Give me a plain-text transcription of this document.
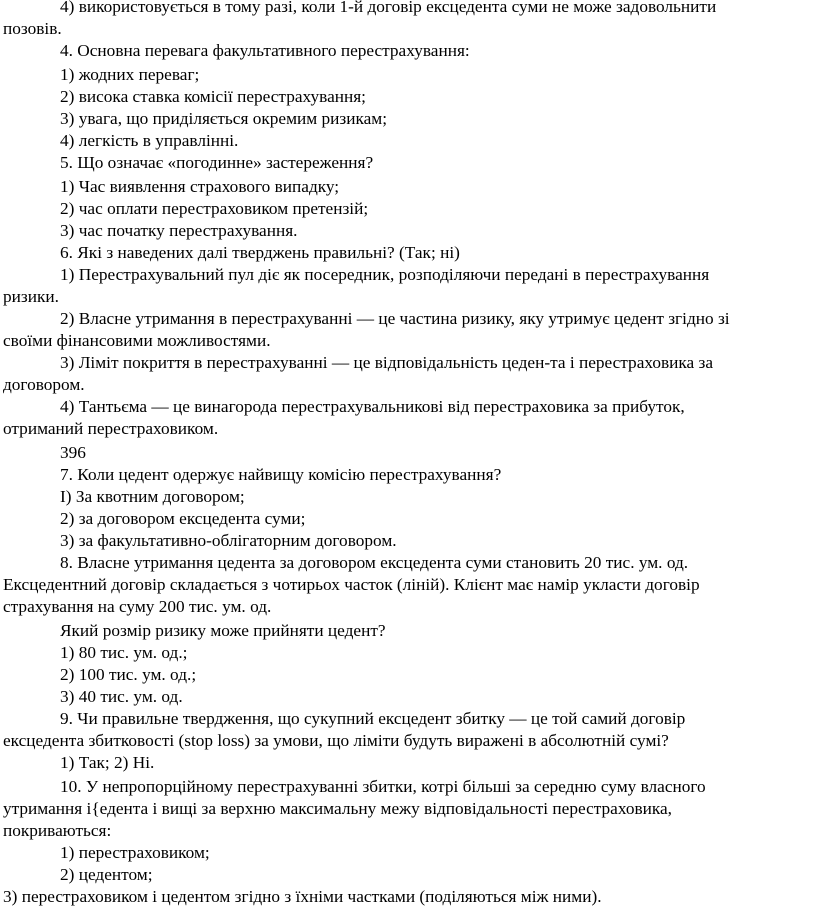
4) використовується в тому разі, коли 1-й договір ексцедента суми не може задовольнити
позовів.
4. Основна перевага факультативного перестрахування:
1) жодних переваг;
2) висока ставка комісії перестрахування;
3) увага, що приділяється окремим ризикам;
4) легкість в управлінні.
5. Що означає «погодинне» застереження?
1) Час виявлення страхового випадку;
2) час оплати перестраховиком претензій;
3) час початку перестрахування.
6. Які з наведених далі тверджень правильні? (Так; ні)
1) Перестрахувальний пул діє як посередник, розподіляючи передані в перестрахування
ризики.
2) Власне утримання в перестрахуванні — це частина ризику, яку утримує цедент згідно зі
своїми фінансовими можливостями.
3) Ліміт покриття в перестрахуванні — це відповідальність цеден-та і перестраховика за
договором.
4) Тантьєма — це винагорода перестрахувальникові від перестраховика за прибуток,
отриманий перестраховиком.
396
7. Коли цедент одержує найвищу комісію перестрахування?
І) За квотним договором;
2) за договором ексцедента суми;
3) за факультативно-облігаторним договором.
8. Власне утримання цедента за договором ексцедента суми становить 20 тис. ум. од.
Ексцедентний договір складається з чотирьох часток (ліній). Клієнт має намір укласти договір
страхування на суму 200 тис. ум. од.
Який розмір ризику може прийняти цедент?
1) 80 тис. ум. од.;
2) 100 тис. ум. од.;
3) 40 тис. ум. од.
9. Чи правильне твердження, що сукупний ексцедент збитку — це той самий договір
ексцедента збитковості (stop loss) за умови, що ліміти будуть виражені в абсолютній сумі?
1) Так; 2) Ні.
10. У непропорційному перестрахуванні збитки, котрі більші за середню суму власного
утримання і{едента і вищі за верхню максимальну межу відповідальності перестраховика,
покриваються:
1) перестраховиком;
2) цедентом;
3) перестраховиком і цедентом згідно з їхніми частками (поділяються між ними).
